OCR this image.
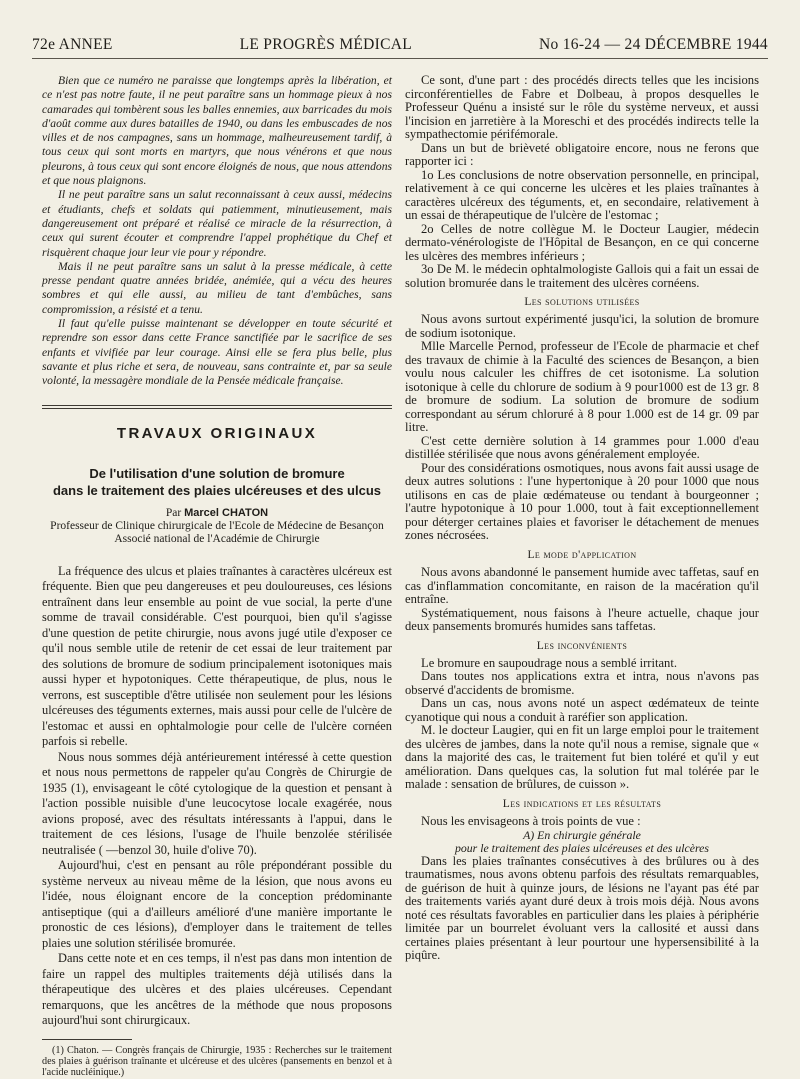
72e ANNEE	LE PROGRÈS MÉDICAL	No 16-24 — 24 DÉCEMBRE 1944

Bien que ce numéro ne paraisse que longtemps après la libération, et ce n'est pas notre faute, il ne peut paraître sans un hommage pieux à nos camarades qui tombèrent sous les balles ennemies, aux barricades du mois d'août comme aux dures batailles de 1940, ou dans les embuscades de nos villes et de nos campagnes, sans un hommage, malheureusement tardif, à tous ceux qui sont morts en martyrs, que nous vénérons et que nous pleurons, à tous ceux qui sont encore éloignés de nous, que nous attendons et que nous plaignons.

Il ne peut paraître sans un salut reconnaissant à ceux aussi, médecins et étudiants, chefs et soldats qui patiemment, minutieusement, mais dangereusement ont préparé et réalisé ce miracle de la résurrection, à ceux qui surent écouter et comprendre l'appel prophétique du Chef et risquèrent chaque jour leur vie pour y répondre.

Mais il ne peut paraître sans un salut à la presse médicale, à cette presse pendant quatre années bridée, anémiée, qui a vécu des heures sombres et qui elle aussi, au milieu de tant d'embûches, sans compromission, a résisté et a tenu.

Il faut qu'elle puisse maintenant se développer en toute sécurité et reprendre son essor dans cette France sanctifiée par le sacrifice de ses enfants et vivifiée par leur courage. Ainsi elle se fera plus belle, plus savante et plus riche et sera, de nouveau, sans contrainte et, par sa seule volonté, la messagère mondiale de la Pensée médicale française.

TRAVAUX ORIGINAUX
De l'utilisation d'une solution de bromure
dans le traitement des plaies ulcéreuses et des ulcus
Par Marcel CHATON
Professeur de Clinique chirurgicale de l'Ecole de Médecine de Besançon
Associé national de l'Académie de Chirurgie

La fréquence des ulcus et plaies traînantes à caractères ulcéreux est fréquente. Bien que peu dangereuses et peu douloureuses, ces lésions entraînent dans leur ensemble au point de vue social, la perte d'une somme de travail considérable. C'est pourquoi, bien qu'il s'agisse d'une question de petite chirurgie, nous avons jugé utile d'exposer ce qu'il nous semble utile de retenir de cet essai de leur traitement par des solutions de bromure de sodium principalement isotoniques mais aussi hyper et hypotoniques. Cette thérapeutique, de plus, nous le verrons, est susceptible d'être utilisée non seulement pour les lésions ulcéreuses des téguments externes, mais aussi pour celle de l'ulcère de l'estomac et aussi en ophtalmologie pour celle de l'ulcère cornéen parfois si rebelle.

Nous nous sommes déjà antérieurement intéressé à cette question et nous nous permettons de rappeler qu'au Congrès de Chirurgie de 1935 (1), envisageant le côté cytologique de la question et pensant à l'action possible nuisible d'une leucocytose locale exagérée, nous avions proposé, avec des résultats intéressants à l'appui, dans le traitement de ces lésions, l'usage de l'huile benzolée stérilisée neutralisée ( —benzol 30, huile d'olive 70).

Aujourd'hui, c'est en pensant au rôle prépondérant possible du système nerveux au niveau même de la lésion, que nous avons eu l'idée, nous éloignant encore de la conception prédominante antiseptique (qui a d'ailleurs amélioré d'une manière importante le pronostic de ces lésions), d'employer dans le traitement de telles plaies une solution stérilisée bromurée.

Dans cette note et en ces temps, il n'est pas dans mon intention de faire un rappel des multiples traitements déjà utilisés dans la thérapeutique des ulcères et des plaies ulcéreuses. Cependant remarquons, que les ancêtres de la méthode que nous proposons aujourd'hui sont chirurgicaux.

(1) Chaton. — Congrès français de Chirurgie, 1935 : Recherches sur le traitement des plaies à guérison traînante et ulcéreuse et des ulcères (pansements en benzol et à l'acide nucléinique.)

Ce sont, d'une part : des procédés directs telles que les incisions circonférentielles de Fabre et Dolbeau, à propos desquelles le Professeur Quénu a insisté sur le rôle du système nerveux, et aussi l'incision en jarretière à la Moreschi et des procédés indirects telle la sympathectomie périfémorale.

Dans un but de brièveté obligatoire encore, nous ne ferons que rapporter ici :

1o Les conclusions de notre observation personnelle, en principal, relativement à ce qui concerne les ulcères et les plaies traînantes à caractères ulcéreux des téguments, et, en secondaire, relativement à un essai de thérapeutique de l'ulcère de l'estomac ;

2o Celles de notre collègue M. le Docteur Laugier, médecin dermato-vénérologiste de l'Hôpital de Besançon, en ce qui concerne les ulcères des membres inférieurs ;

3o De M. le médecin ophtalmologiste Gallois qui a fait un essai de solution bromurée dans le traitement des ulcères cornéens.

Les solutions utilisées

Nous avons surtout expérimenté jusqu'ici, la solution de bromure de sodium isotonique.

Mlle Marcelle Pernod, professeur de l'Ecole de pharmacie et chef des travaux de chimie à la Faculté des sciences de Besançon, a bien voulu nous calculer les chiffres de cet isotonisme. La solution isotonique à celle du chlorure de sodium à 9 pour1000 est de 13 gr. 8 de bromure de sodium. La solution de bromure de sodium correspondant au sérum chloruré à 8 pour 1.000 est de 14 gr. 09 par litre.

C'est cette dernière solution à 14 grammes pour 1.000 d'eau distillée stérilisée que nous avons généralement employée.

Pour des considérations osmotiques, nous avons fait aussi usage de deux autres solutions : l'une hypertonique à 20 pour 1000 que nous utilisons en cas de plaie œdémateuse ou tendant à bourgeonner ; l'autre hypotonique à 10 pour 1.000, tout à fait exceptionnellement pour déterger certaines plaies et favoriser le détachement de menues zones nécrosées.

Le mode d'application

Nous avons abandonné le pansement humide avec taffetas, sauf en cas d'inflammation concomitante, en raison de la macération qu'il entraîne.

Systématiquement, nous faisons à l'heure actuelle, chaque jour deux pansements bromurés humides sans taffetas.

Les inconvénients

Le bromure en saupoudrage nous a semblé irritant.

Dans toutes nos applications extra et intra, nous n'avons pas observé d'accidents de bromisme.

Dans un cas, nous avons noté un aspect œdémateux de teinte cyanotique qui nous a conduit à raréfier son application.

M. le docteur Laugier, qui en fit un large emploi pour le traitement des ulcères de jambes, dans la note qu'il nous a remise, signale que « dans la majorité des cas, le traitement fut bien toléré et qu'il y eut amélioration. Dans quelques cas, la solution fut mal tolérée par le malade : sensation de brûlures, de cuisson ».

Les indications et les résultats

Nous les envisageons à trois points de vue :

A) En chirurgie générale
pour le traitement des plaies ulcéreuses et des ulcères

Dans les plaies traînantes consécutives à des brûlures ou à des traumatismes, nous avons obtenu parfois des résultats remarquables, de guérison de huit à quinze jours, de lésions ne l'ayant pas été par des traitements variés ayant duré deux à trois mois déjà. Nous avons noté ces résultats favorables en particulier dans les plaies à périphérie limitée par un bourrelet évoluant vers la callosité et aussi dans certaines plaies présentant à leur pourtour une hypersensibilité à la piqûre.
